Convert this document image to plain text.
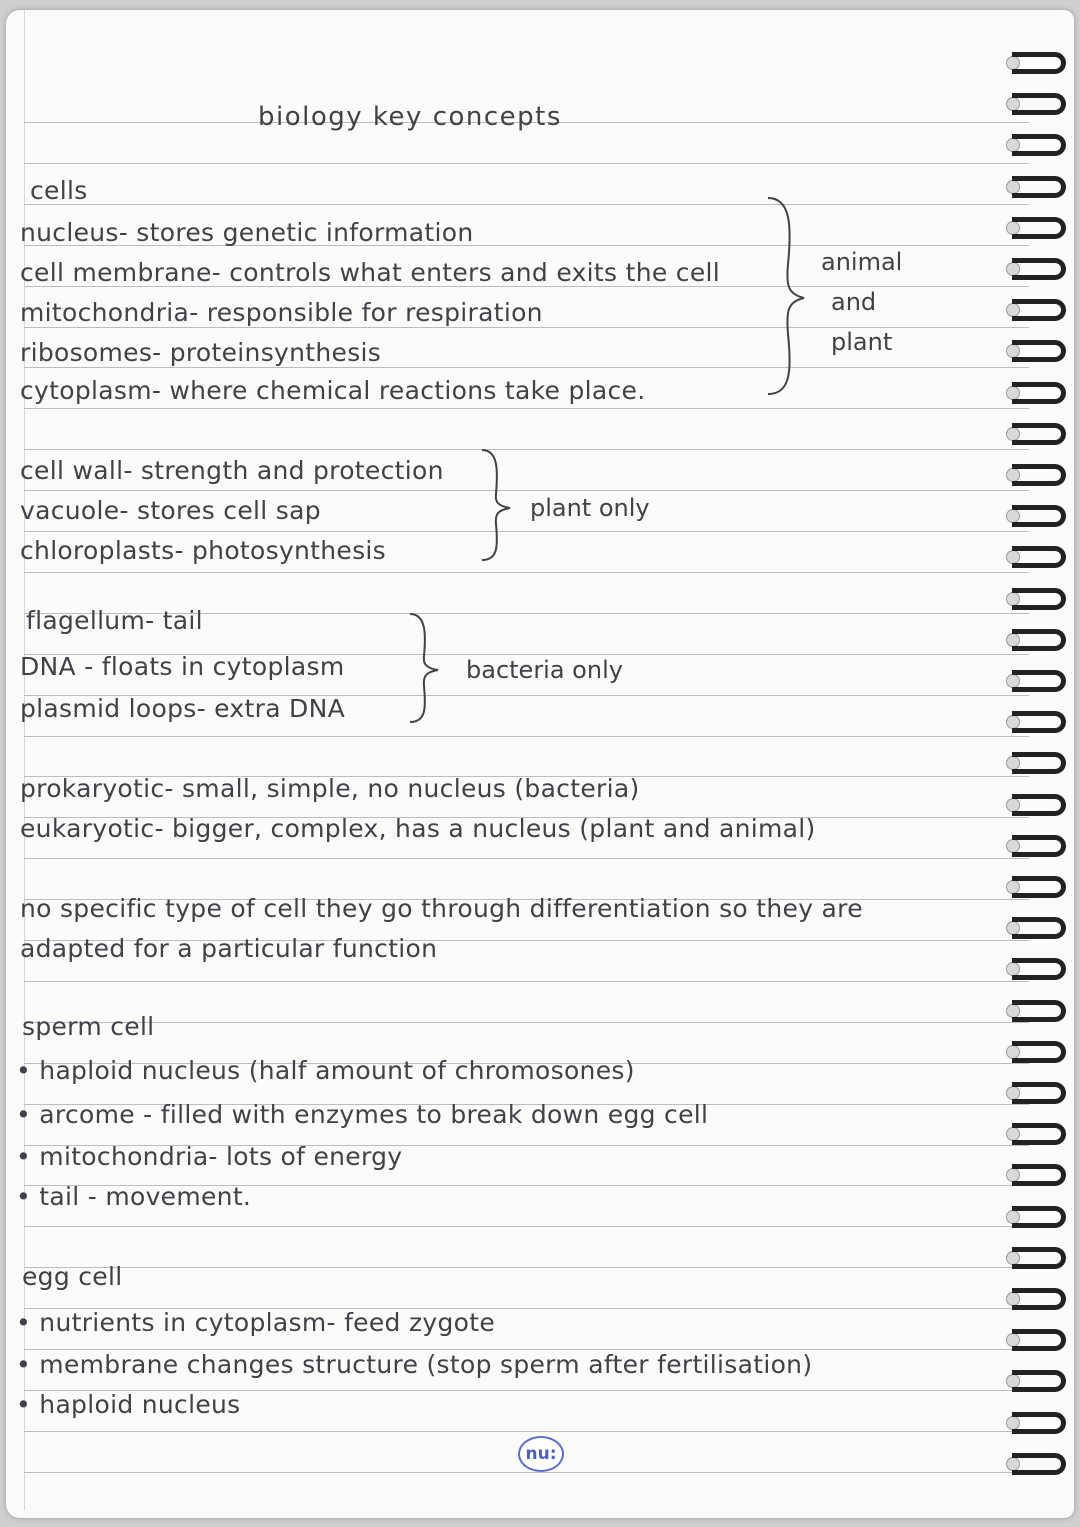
biology key concepts
cells
nucleus- stores genetic information
cell membrane- controls what enters and exits the cell
mitochondria- responsible for respiration
ribosomes- proteinsynthesis
cytoplasm- where chemical reactions take place.
animal
and
plant
cell wall- strength and protection
vacuole- stores cell sap
chloroplasts- photosynthesis
plant only
flagellum- tail
DNA - floats in cytoplasm
plasmid loops- extra DNA
bacteria only
prokaryotic- small, simple, no nucleus (bacteria)
eukaryotic- bigger, complex, has a nucleus (plant and animal)
no specific type of cell they go through differentiation so they are
adapted for a particular function
sperm cell
• haploid nucleus (half amount of chromosones)
• arcome - filled with enzymes to break down egg cell
• mitochondria- lots of energy
• tail - movement.
egg cell
• nutrients in cytoplasm- feed zygote
• membrane changes structure (stop sperm after fertilisation)
• haploid nucleus
nu:
